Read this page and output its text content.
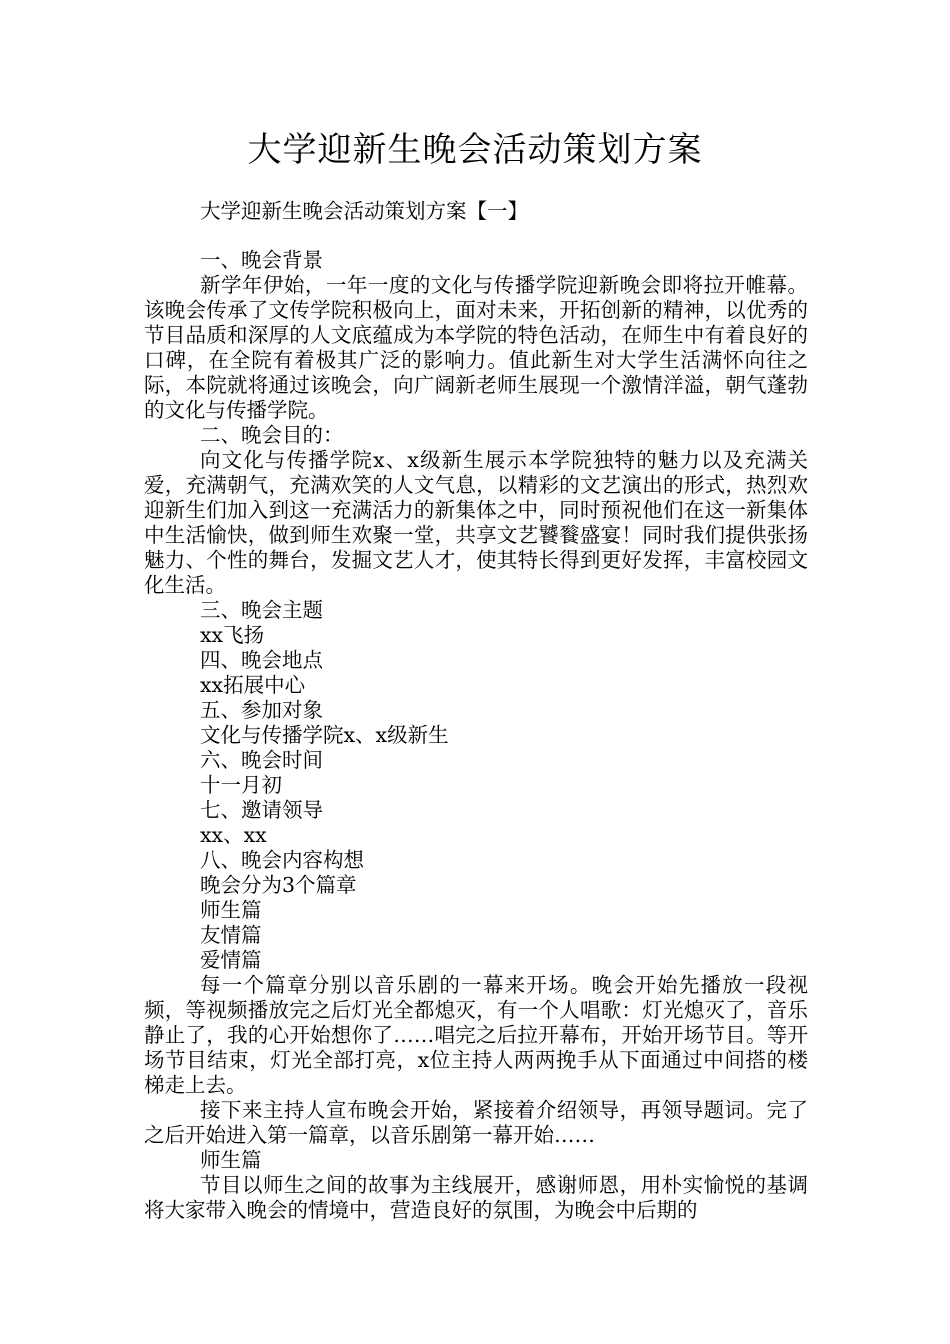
大学迎新生晚会活动策划方案

大学迎新生晚会活动策划方案【一】

一、晚会背景

新学年伊始，一年一度的文化与传播学院迎新晚会即将拉开帷幕。该晚会传承了文传学院积极向上，面对未来，开拓创新的精神，以优秀的节目品质和深厚的人文底蕴成为本学院的特色活动，在师生中有着良好的口碑，在全院有着极其广泛的影响力。值此新生对大学生活满怀向往之际，本院就将通过该晚会，向广阔新老师生展现一个激情洋溢，朝气蓬勃的文化与传播学院。

二、晚会目的：

向文化与传播学院x、x级新生展示本学院独特的魅力以及充满关爱，充满朝气，充满欢笑的人文气息，以精彩的文艺演出的形式，热烈欢迎新生们加入到这一充满活力的新集体之中，同时预祝他们在这一新集体中生活愉快，做到师生欢聚一堂，共享文艺饕餮盛宴！同时我们提供张扬魅力、个性的舞台，发掘文艺人才，使其特长得到更好发挥，丰富校园文化生活。

三、晚会主题

xx飞扬

四、晚会地点

xx拓展中心

五、参加对象

文化与传播学院x、x级新生

六、晚会时间

十一月初

七、邀请领导

xx、xx

八、晚会内容构想

晚会分为3个篇章

师生篇

友情篇

爱情篇

每一个篇章分别以音乐剧的一幕来开场。晚会开始先播放一段视频，等视频播放完之后灯光全都熄灭，有一个人唱歌：灯光熄灭了，音乐静止了，我的心开始想你了……唱完之后拉开幕布，开始开场节目。等开场节目结束，灯光全部打亮，x位主持人两两挽手从下面通过中间搭的楼梯走上去。

接下来主持人宣布晚会开始，紧接着介绍领导，再领导题词。完了之后开始进入第一篇章，以音乐剧第一幕开始……

师生篇

节目以师生之间的故事为主线展开，感谢师恩，用朴实愉悦的基调将大家带入晚会的情境中，营造良好的氛围，为晚会中后期的
